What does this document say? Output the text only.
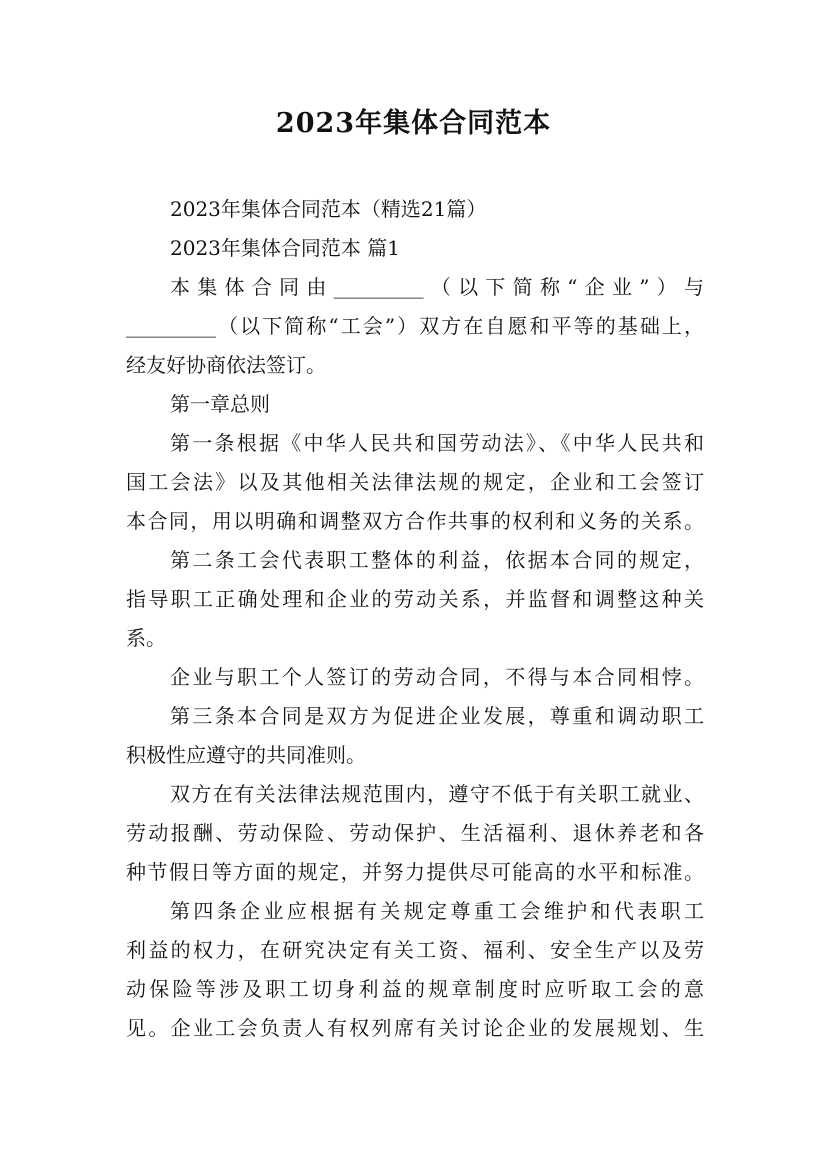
2023年集体合同范本
2023年集体合同范本（精选21篇）
2023年集体合同范本 篇1
本集体合同由_________（以下简称“企业”）与
_________（以下简称“工会”）双方在自愿和平等的基础上，
经友好协商依法签订。
第一章总则
第一条根据《中华人民共和国劳动法》、《中华人民共和
国工会法》以及其他相关法律法规的规定，企业和工会签订
本合同，用以明确和调整双方合作共事的权利和义务的关系。
第二条工会代表职工整体的利益，依据本合同的规定，
指导职工正确处理和企业的劳动关系，并监督和调整这种关
系。
企业与职工个人签订的劳动合同，不得与本合同相悖。
第三条本合同是双方为促进企业发展，尊重和调动职工
积极性应遵守的共同准则。
双方在有关法律法规范围内，遵守不低于有关职工就业、
劳动报酬、劳动保险、劳动保护、生活福利、退休养老和各
种节假日等方面的规定，并努力提供尽可能高的水平和标准。
第四条企业应根据有关规定尊重工会维护和代表职工
利益的权力，在研究决定有关工资、福利、安全生产以及劳
动保险等涉及职工切身利益的规章制度时应听取工会的意
见。企业工会负责人有权列席有关讨论企业的发展规划、生
